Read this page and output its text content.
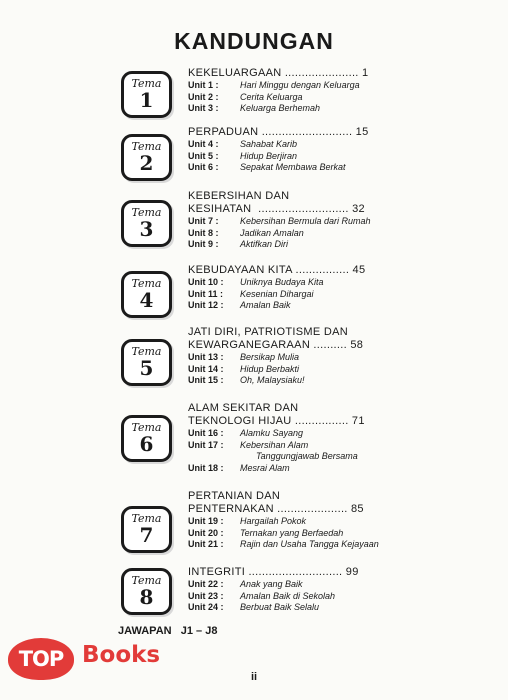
KANDUNGAN
Tema
1
KEKELUARGAAN ...................... 1
Unit 1 : Hari Minggu dengan Keluarga
Unit 2 : Cerita Keluarga
Unit 3 : Keluarga Berhemah
Tema
2
PERPADUAN ........................... 15
Unit 4 : Sahabat Karib
Unit 5 : Hidup Berjiran
Unit 6 : Sepakat Membawa Berkat
Tema
3
KEBERSIHAN DAN
KESIHATAN  ........................... 32
Unit 7 : Kebersihan Bermula dari Rumah
Unit 8 : Jadikan Amalan
Unit 9 : Aktifkan Diri
Tema
4
KEBUDAYAAN KITA ................ 45
Unit 10 : Uniknya Budaya Kita
Unit 11 : Kesenian Dihargai
Unit 12 : Amalan Baik
Tema
5
JATI DIRI, PATRIOTISME DAN
KEWARGANEGARAAN .......... 58
Unit 13 : Bersikap Mulia
Unit 14 : Hidup Berbakti
Unit 15 : Oh, Malaysiaku!
Tema
6
ALAM SEKITAR DAN
TEKNOLOGI HIJAU ................ 71
Unit 16 : Alamku Sayang
Unit 17 : Kebersihan Alam
Tanggungjawab Bersama
Unit 18 : Mesrai Alam
Tema
7
PERTANIAN DAN
PENTERNAKAN ..................... 85
Unit 19 : Hargailah Pokok
Unit 20 : Ternakan yang Berfaedah
Unit 21 : Rajin dan Usaha Tangga Kejayaan
Tema
8
INTEGRITI ............................ 99
Unit 22 : Anak yang Baik
Unit 23 : Amalan Baik di Sekolah
Unit 24 : Berbuat Baik Selalu
JAWAPAN   J1 – J8
ii
TOP Books
